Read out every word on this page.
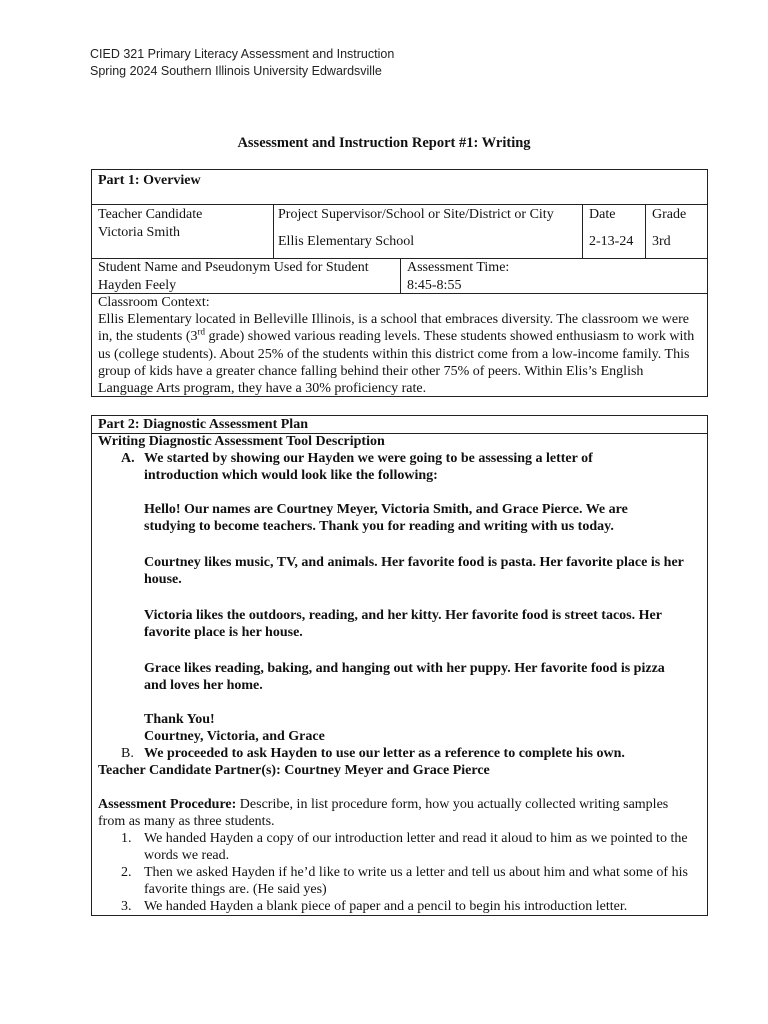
CIED 321 Primary Literacy Assessment and Instruction
Spring 2024 Southern Illinois University Edwardsville
Assessment and Instruction Report #1: Writing
Part 1: Overview
Teacher Candidate
Victoria Smith
Project Supervisor/School or Site/District or City
Ellis Elementary School
Date
2-13-24
Grade
3rd
Student Name and Pseudonym Used for Student
Hayden Feely
Assessment Time:
8:45-8:55
Classroom Context:
Ellis Elementary located in Belleville Illinois, is a school that embraces diversity. The classroom we were in, the students (3rd grade) showed various reading levels. These students showed enthusiasm to work with us (college students). About 25% of the students within this district come from a low-income family. This group of kids have a greater chance falling behind their other 75% of peers. Within Elis’s English Language Arts program, they have a 30% proficiency rate.
Part 2: Diagnostic Assessment Plan
Writing Diagnostic Assessment Tool Description
A. We started by showing our Hayden we were going to be assessing a letter of introduction which would look like the following:
Hello! Our names are Courtney Meyer, Victoria Smith, and Grace Pierce. We are studying to become teachers. Thank you for reading and writing with us today.
Courtney likes music, TV, and animals. Her favorite food is pasta. Her favorite place is her house.
Victoria likes the outdoors, reading, and her kitty. Her favorite food is street tacos. Her favorite place is her house.
Grace likes reading, baking, and hanging out with her puppy. Her favorite food is pizza and loves her home.
Thank You!
Courtney, Victoria, and Grace
B. We proceeded to ask Hayden to use our letter as a reference to complete his own.
Teacher Candidate Partner(s): Courtney Meyer and Grace Pierce
Assessment Procedure: Describe, in list procedure form, how you actually collected writing samples from as many as three students.
1. We handed Hayden a copy of our introduction letter and read it aloud to him as we pointed to the words we read.
2. Then we asked Hayden if he’d like to write us a letter and tell us about him and what some of his favorite things are. (He said yes)
3. We handed Hayden a blank piece of paper and a pencil to begin his introduction letter.
